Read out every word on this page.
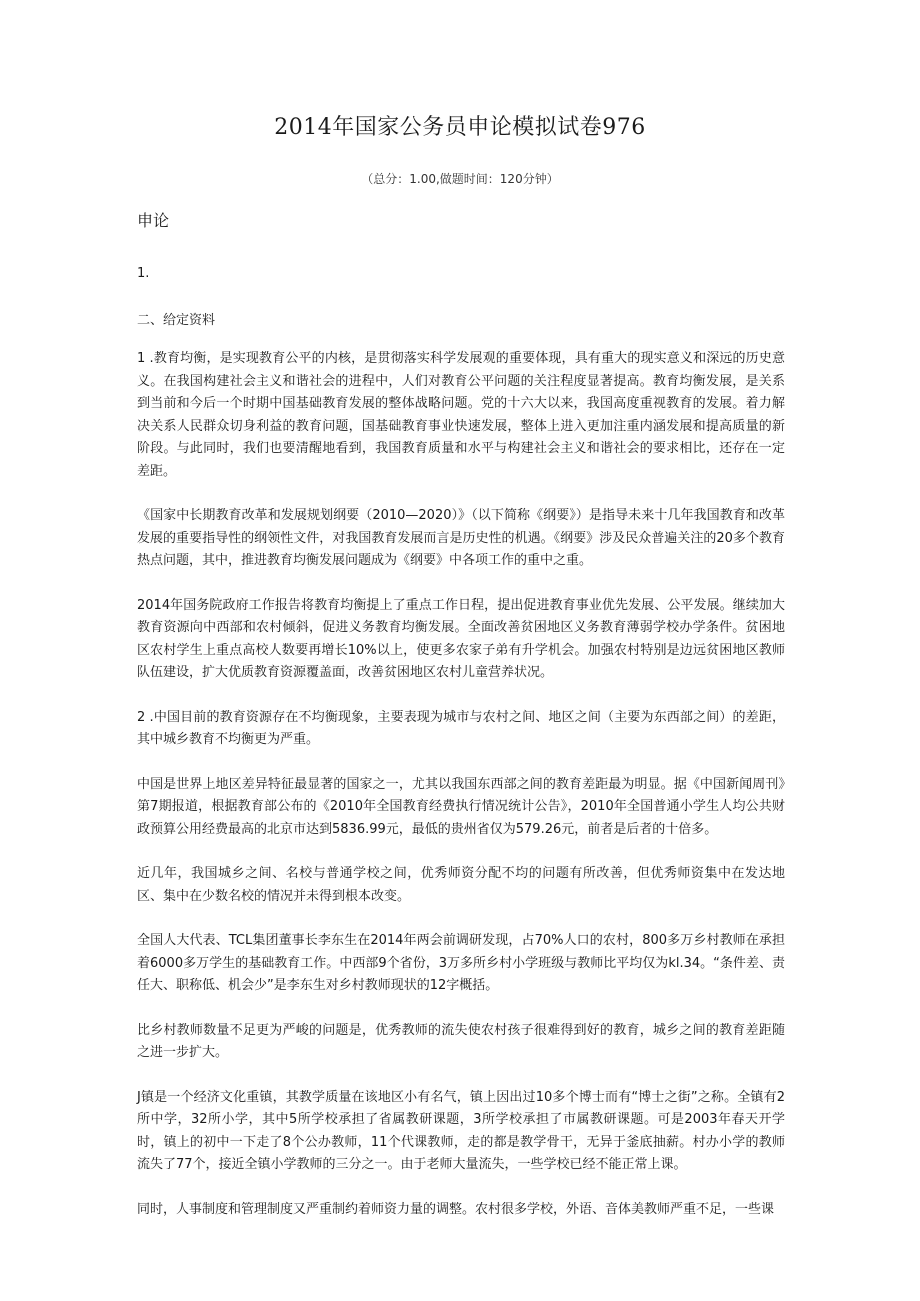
2014年国家公务员申论模拟试卷976
（总分：1.00,做题时间：120分钟）
申论
1.
二、给定资料

1 .教育均衡，是实现教育公平的内核，是贯彻落实科学发展观的重要体现，具有重大的现实意义和深远的历史意义。在我国构建社会主义和谐社会的进程中，人们对教育公平问题的关注程度显著提高。教育均衡发展，是关系到当前和今后一个时期中国基础教育发展的整体战略问题。党的十六大以来，我国高度重视教育的发展。着力解决关系人民群众切身利益的教育问题，国基础教育事业快速发展，整体上进入更加注重内涵发展和提高质量的新阶段。与此同时，我们也要清醒地看到，我国教育质量和水平与构建社会主义和谐社会的要求相比，还存在一定差距。

《国家中长期教育改革和发展规划纲要（2010—2020）》（以下简称《纲要》）是指导未来十几年我国教育和改革发展的重要指导性的纲领性文件，对我国教育发展而言是历史性的机遇。《纲要》涉及民众普遍关注的20多个教育热点问题，其中，推进教育均衡发展问题成为《纲要》中各项工作的重中之重。

2014年国务院政府工作报告将教育均衡提上了重点工作日程，提出促进教育事业优先发展、公平发展。继续加大教育资源向中西部和农村倾斜，促进义务教育均衡发展。全面改善贫困地区义务教育薄弱学校办学条件。贫困地区农村学生上重点高校人数要再增长10%以上，使更多农家子弟有升学机会。加强农村特别是边远贫困地区教师队伍建设，扩大优质教育资源覆盖面，改善贫困地区农村儿童营养状况。

2 .中国目前的教育资源存在不均衡现象，主要表现为城市与农村之间、地区之间（主要为东西部之间）的差距，其中城乡教育不均衡更为严重。

中国是世界上地区差异特征最显著的国家之一，尤其以我国东西部之间的教育差距最为明显。据《中国新闻周刊》第7期报道，根据教育部公布的《2010年全国教育经费执行情况统计公告》，2010年全国普通小学生人均公共财政预算公用经费最高的北京市达到5836.99元，最低的贵州省仅为579.26元，前者是后者的十倍多。

近几年，我国城乡之间、名校与普通学校之间，优秀师资分配不均的问题有所改善，但优秀师资集中在发达地区、集中在少数名校的情况并未得到根本改变。

全国人大代表、TCL集团董事长李东生在2014年两会前调研发现，占70%人口的农村，800多万乡村教师在承担着6000多万学生的基础教育工作。中西部9个省份，3万多所乡村小学班级与教师比平均仅为kl.34。“条件差、责任大、职称低、机会少”是李东生对乡村教师现状的12字概括。

比乡村教师数量不足更为严峻的问题是，优秀教师的流失使农村孩子很难得到好的教育，城乡之间的教育差距随之进一步扩大。

J镇是一个经济文化重镇，其教学质量在该地区小有名气，镇上因出过10多个博士而有“博士之街”之称。全镇有2所中学，32所小学，其中5所学校承担了省属教研课题，3所学校承担了市属教研课题。可是2003年春天开学时，镇上的初中一下走了8个公办教师，11个代课教师，走的都是教学骨干，无异于釜底抽薪。村办小学的教师流失了77个，接近全镇小学教师的三分之一。由于老师大量流失，一些学校已经不能正常上课。

同时，人事制度和管理制度又严重制约着师资力量的调整。农村很多学校，外语、音体美教师严重不足，一些课
